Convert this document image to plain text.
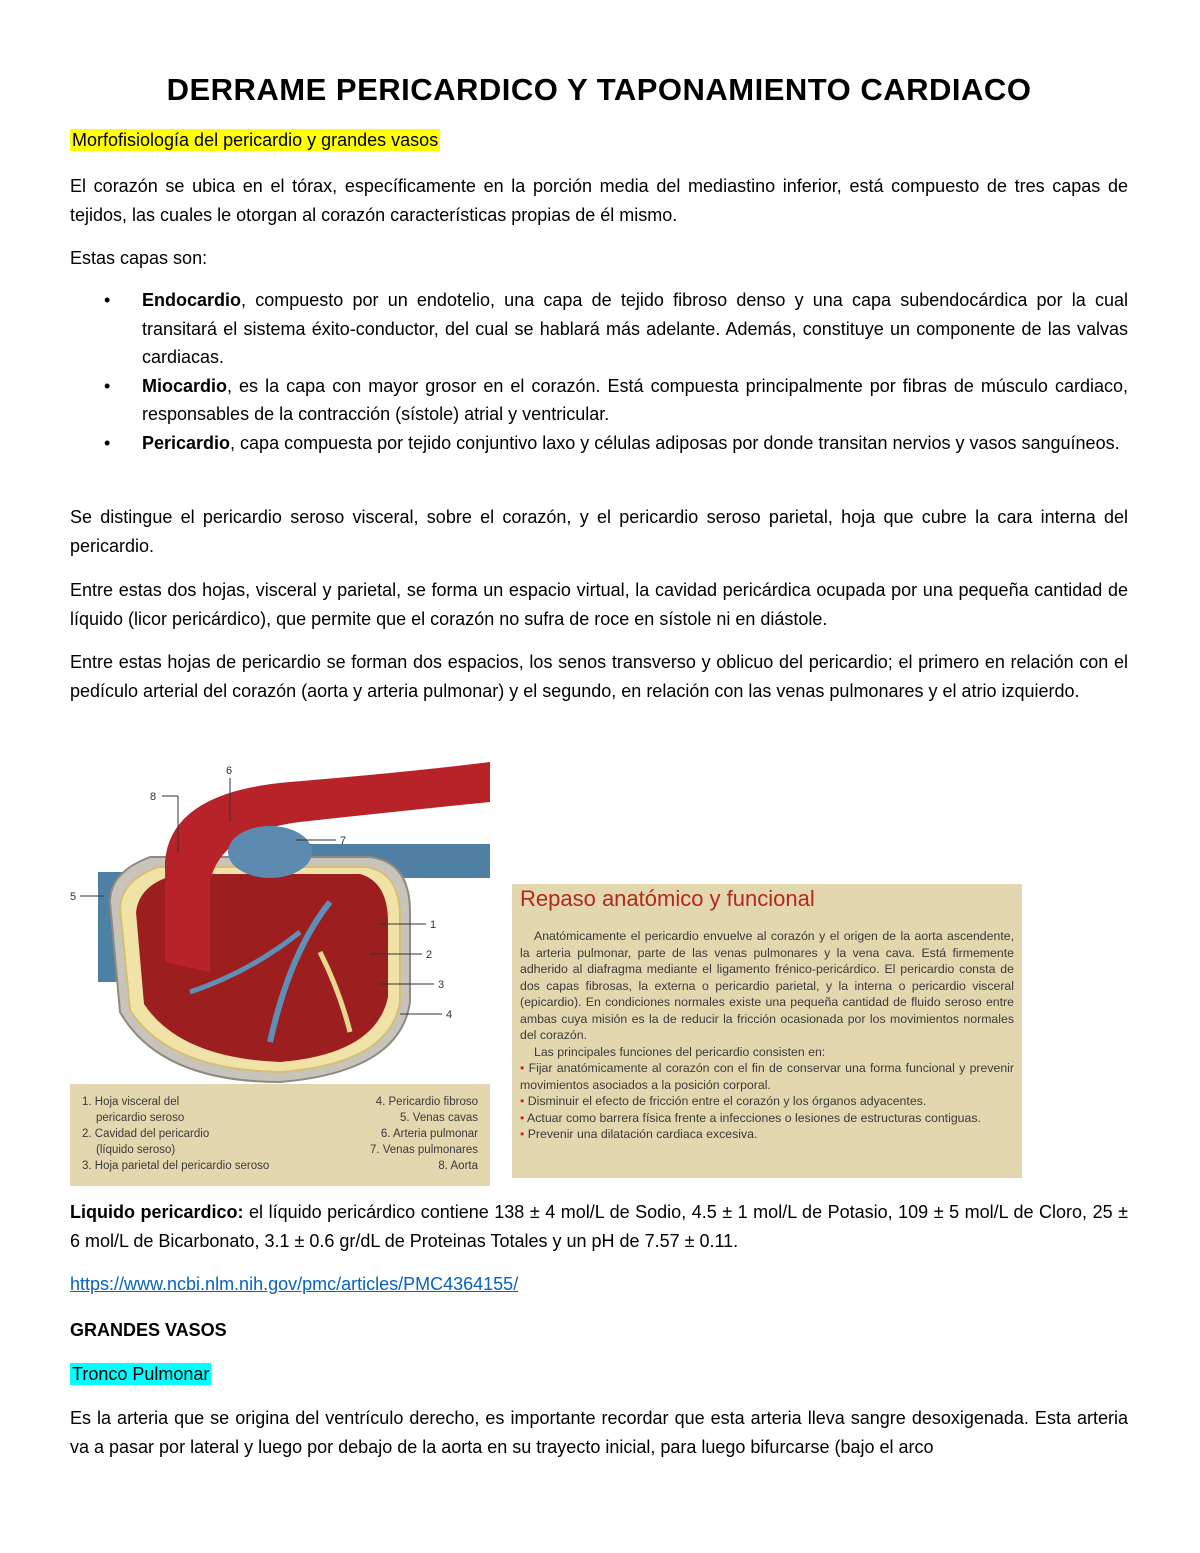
DERRAME PERICARDICO Y TAPONAMIENTO CARDIACO

Morfofisiología del pericardio y grandes vasos

El corazón se ubica en el tórax, específicamente en la porción media del mediastino inferior, está compuesto de tres capas de tejidos, las cuales le otorgan al corazón características propias de él mismo.

Estas capas son:

• Endocardio, compuesto por un endotelio, una capa de tejido fibroso denso y una capa subendocárdica por la cual transitará el sistema éxito-conductor, del cual se hablará más adelante. Además, constituye un componente de las valvas cardiacas.
• Miocardio, es la capa con mayor grosor en el corazón. Está compuesta principalmente por fibras de músculo cardiaco, responsables de la contracción (sístole) atrial y ventricular.
• Pericardio, capa compuesta por tejido conjuntivo laxo y células adiposas por donde transitan nervios y vasos sanguíneos.

Se distingue el pericardio seroso visceral, sobre el corazón, y el pericardio seroso parietal, hoja que cubre la cara interna del pericardio.

Entre estas dos hojas, visceral y parietal, se forma un espacio virtual, la cavidad pericárdica ocupada por una pequeña cantidad de líquido (licor pericárdico), que permite que el corazón no sufra de roce en sístole ni en diástole.

Entre estas hojas de pericardio se forman dos espacios, los senos transverso y oblicuo del pericardio; el primero en relación con el pedículo arterial del corazón (aorta y arteria pulmonar) y el segundo, en relación con las venas pulmonares y el atrio izquierdo.

Liquido pericardico: el líquido pericárdico contiene 138 ± 4 mol/L de Sodio, 4.5 ± 1 mol/L de Potasio, 109 ± 5 mol/L de Cloro, 25 ± 6 mol/L de Bicarbonato, 3.1 ± 0.6 gr/dL de Proteinas Totales y un pH de 7.57 ± 0.11.

https://www.ncbi.nlm.nih.gov/pmc/articles/PMC4364155/

GRANDES VASOS

Tronco Pulmonar

Es la arteria que se origina del ventrículo derecho, es importante recordar que esta arteria lleva sangre desoxigenada. Esta arteria va a pasar por lateral y luego por debajo de la aorta en su trayecto inicial, para luego bifurcarse (bajo el arco

1
2
3
4
5
6
7
8
1. Hoja visceral del
pericardio seroso
2. Cavidad del pericardio
(líquido seroso)
3. Hoja parietal del pericardio seroso
4. Pericardio fibroso
5. Venas cavas
6. Arteria pulmonar
7. Venas pulmonares
8. Aorta
Repaso anatómico y funcional

Anatómicamente el pericardio envuelve al corazón y el origen de la aorta ascendente, la arteria pulmonar, parte de las venas pulmonares y la vena cava. Está firmemente adherido al diafragma mediante el ligamento frénico-pericárdico. El pericardio consta de dos capas fibrosas, la externa o pericardio parietal, y la interna o pericardio visceral (epicardio). En condiciones normales existe una pequeña cantidad de fluido seroso entre ambas cuya misión es la de reducir la fricción ocasionada por los movimientos normales del corazón.

Las principales funciones del pericardio consisten en:

• Fijar anatómicamente al corazón con el fin de conservar una forma funcional y prevenir movimientos asociados a la posición corporal.

• Disminuir el efecto de fricción entre el corazón y los órganos adyacentes.

• Actuar como barrera física frente a infecciones o lesiones de estructuras contiguas.

• Prevenir una dilatación cardiaca excesiva.
